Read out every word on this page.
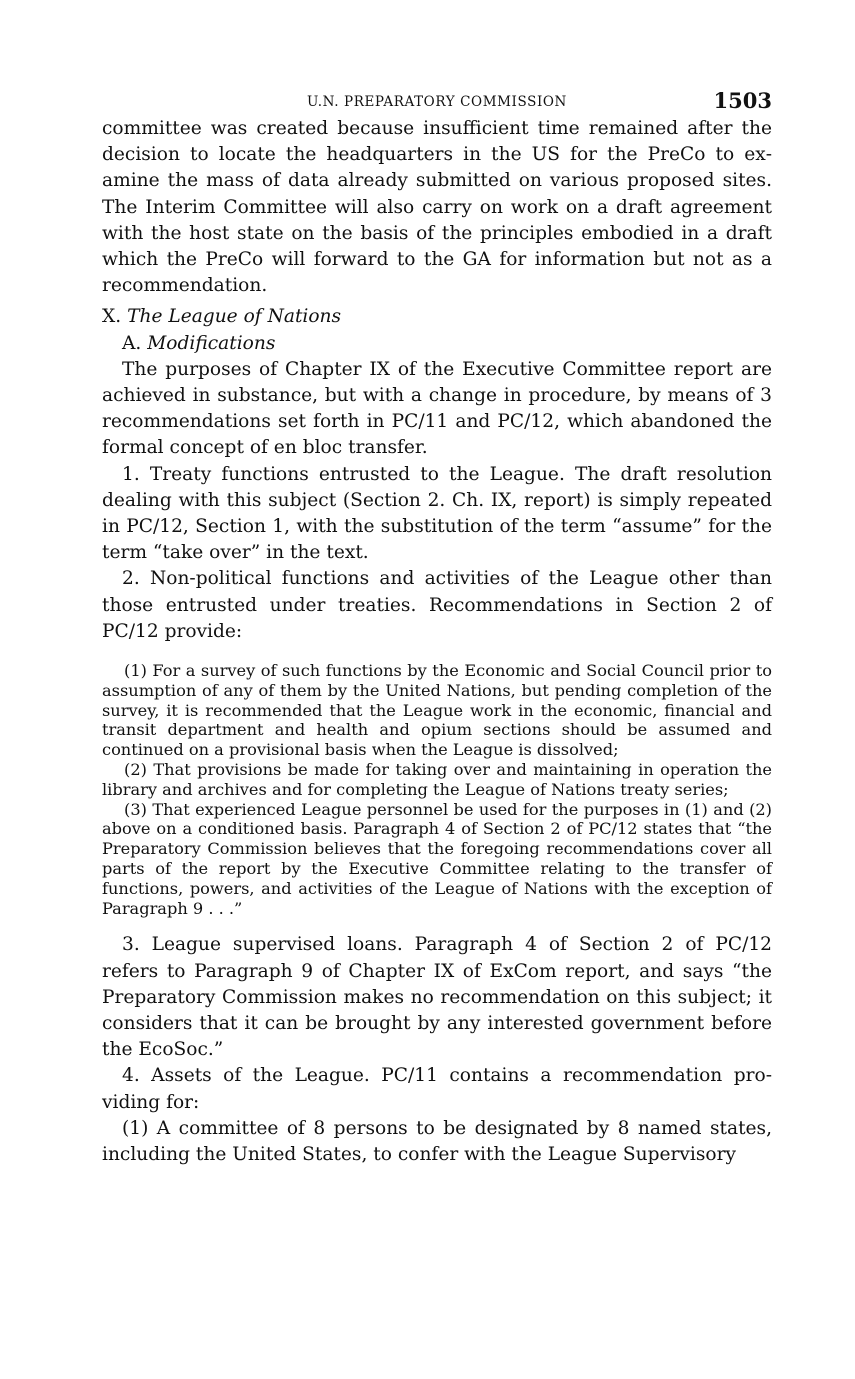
U.N. PREPARATORY COMMISSION	1503

committee was created because insufficient time remained after the decision to locate the headquarters in the US for the PreCo to examine the mass of data already submitted on various proposed sites. The Interim Committee will also carry on work on a draft agreement with the host state on the basis of the principles embodied in a draft which the PreCo will forward to the GA for information but not as a recommendation.

X. The League of Nations

A. Modifications

The purposes of Chapter IX of the Executive Committee report are achieved in substance, but with a change in procedure, by means of 3 recommendations set forth in PC/11 and PC/12, which abandoned the formal concept of en bloc transfer.

1. Treaty functions entrusted to the League. The draft resolution dealing with this subject (Section 2. Ch. IX, report) is simply repeated in PC/12, Section 1, with the substitution of the term “assume” for the term “take over” in the text.

2. Non-political functions and activities of the League other than those entrusted under treaties. Recommendations in Section 2 of PC/12 provide:

(1) For a survey of such functions by the Economic and Social Council prior to assumption of any of them by the United Nations, but pending completion of the survey, it is recommended that the League work in the economic, financial and transit department and health and opium sections should be assumed and continued on a provisional basis when the League is dissolved;

(2) That provisions be made for taking over and maintaining in operation the library and archives and for completing the League of Nations treaty series;

(3) That experienced League personnel be used for the purposes in (1) and (2) above on a conditioned basis. Paragraph 4 of Section 2 of PC/12 states that “the Preparatory Commission believes that the foregoing recommendations cover all parts of the report by the Executive Committee relating to the transfer of functions, powers, and activities of the League of Nations with the exception of Paragraph 9 . . .”

3. League supervised loans. Paragraph 4 of Section 2 of PC/12 refers to Paragraph 9 of Chapter IX of ExCom report, and says “the Preparatory Commission makes no recommendation on this subject; it considers that it can be brought by any interested government before the EcoSoc.”

4. Assets of the League. PC/11 contains a recommendation providing for:

(1) A committee of 8 persons to be designated by 8 named states, including the United States, to confer with the League Supervisory
